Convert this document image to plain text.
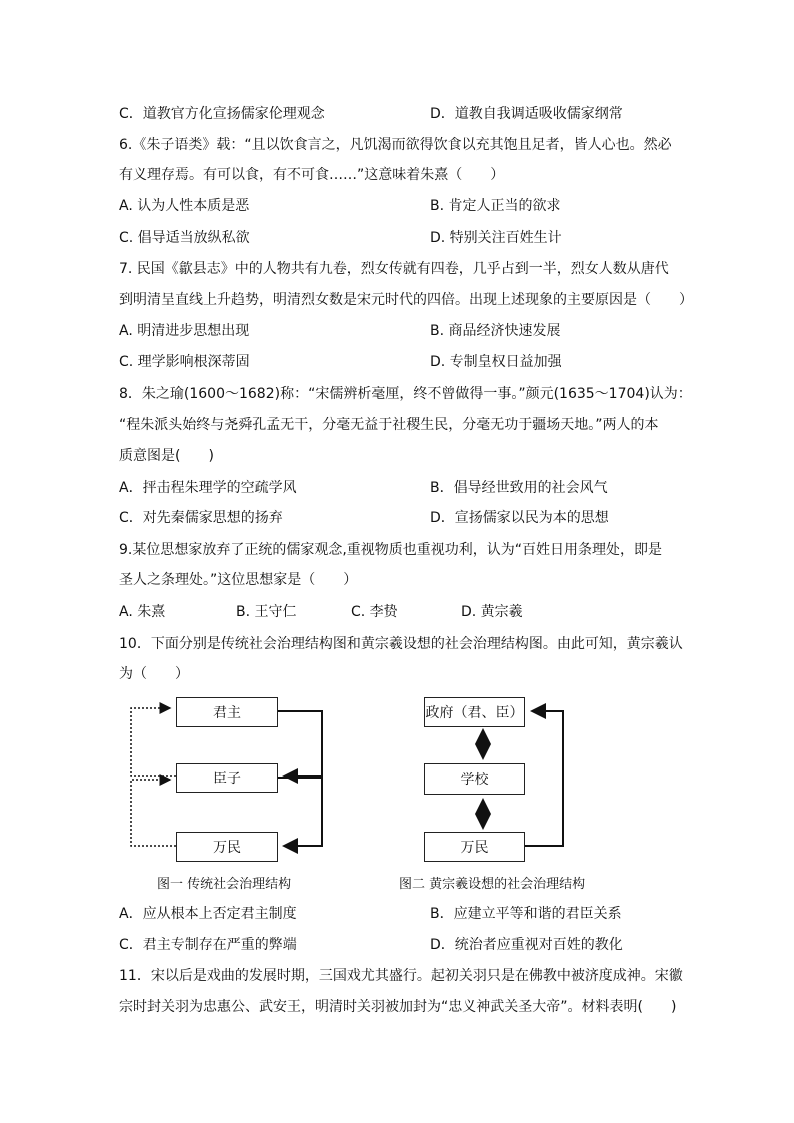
C．道教官方化宣扬儒家伦理观念	D．道教自我调适吸收儒家纲常
6.《朱子语类》载：“且以饮食言之，凡饥渴而欲得饮食以充其饱且足者，皆人心也。然必
有义理存焉。有可以食，有不可食……”这意味着朱熹（　　）
A. 认为人性本质是恶	B. 肯定人正当的欲求
C. 倡导适当放纵私欲	D. 特别关注百姓生计
7. 民国《歙县志》中的人物共有九卷，烈女传就有四卷，几乎占到一半，烈女人数从唐代
到明清呈直线上升趋势，明清烈女数是宋元时代的四倍。出现上述现象的主要原因是（　　）
A. 明清进步思想出现	B. 商品经济快速发展
C. 理学影响根深蒂固	D. 专制皇权日益加强
8．朱之瑜(1600～1682)称：“宋儒辨析毫厘，终不曾做得一事。”颜元(1635～1704)认为：
“程朱派头始终与尧舜孔孟无干，分毫无益于社稷生民，分毫无功于疆场天地。”两人的本
质意图是(　　)
A．抨击程朱理学的空疏学风	B．倡导经世致用的社会风气
C．对先秦儒家思想的扬弃	D．宣扬儒家以民为本的思想
9.某位思想家放弃了正统的儒家观念,重视物质也重视功利，认为“百姓日用条理处，即是
圣人之条理处。”这位思想家是（　　）
A. 朱熹	B. 王守仁	C. 李贽	D. 黄宗羲
10．下面分别是传统社会治理结构图和黄宗羲设想的社会治理结构图。由此可知，黄宗羲认
为（　　）
君主
臣子
万民
图一 传统社会治理结构
政府（君、臣）
学校
万民
图二 黄宗羲设想的社会治理结构
A．应从根本上否定君主制度	B．应建立平等和谐的君臣关系
C．君主专制存在严重的弊端	D．统治者应重视对百姓的教化
11．宋以后是戏曲的发展时期，三国戏尤其盛行。起初关羽只是在佛教中被济度成神。宋徽
宗时封关羽为忠惠公、武安王，明清时关羽被加封为“忠义神武关圣大帝”。材料表明(　　)
